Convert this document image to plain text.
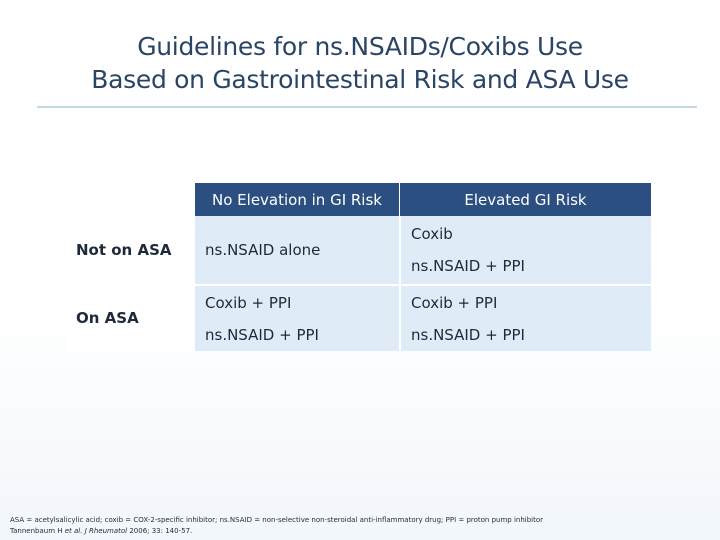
Guidelines for ns.NSAIDs/Coxibs Use
Based on Gastrointestinal Risk and ASA Use
No Elevation in GI Risk	Elevated GI Risk
Not on ASA	ns.NSAID alone
Coxib
ns.NSAID + PPI
On ASA
Coxib + PPI
ns.NSAID + PPI
Coxib + PPI
ns.NSAID + PPI
ASA = acetylsalicylic acid; coxib = COX-2-specific inhibitor; ns.NSAID = non-selective non-steroidal anti-inflammatory drug; PPI = proton pump inhibitor
Tannenbaum H et al. J Rheumatol 2006; 33: 140-57.
